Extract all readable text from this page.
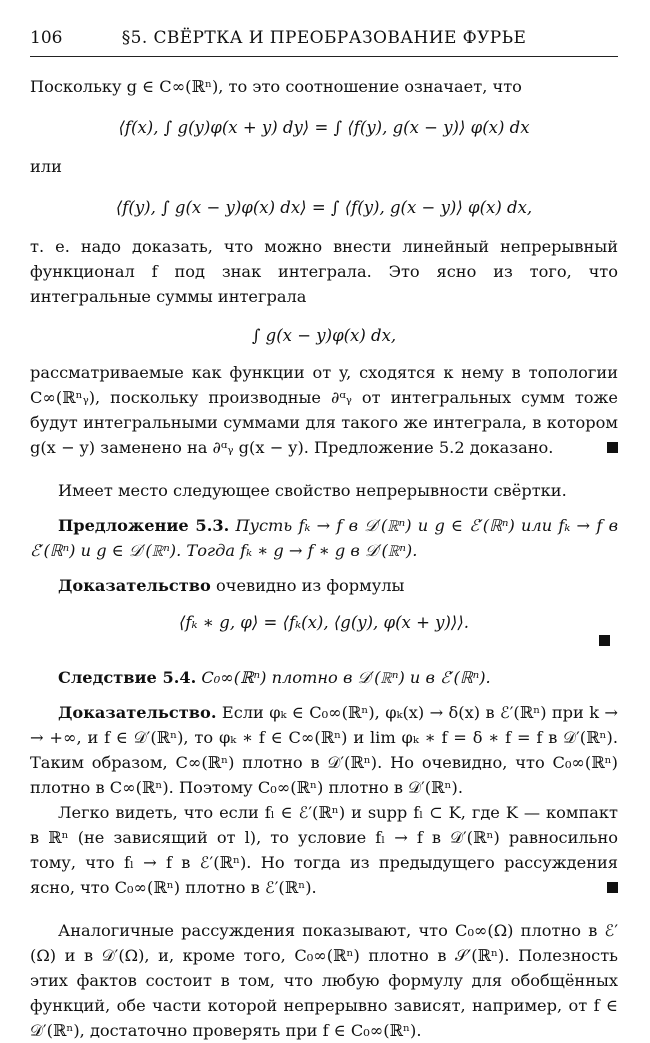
106	§5. СВЁРТКА И ПРЕОБРАЗОВАНИЕ ФУРЬЕ

Поскольку g ∈ C∞(ℝⁿ), то это соотношение означает, что

⟨f(x), ∫ g(y)φ(x + y) dy⟩ = ∫ ⟨f(y), g(x − y)⟩ φ(x) dx

или

⟨f(y), ∫ g(x − y)φ(x) dx⟩ = ∫ ⟨f(y), g(x − y)⟩ φ(x) dx,

т. е. надо доказать, что можно внести линейный непрерывный функционал f под знак интеграла. Это ясно из того, что интегральные суммы интеграла

∫ g(x − y)φ(x) dx,

рассматриваемые как функции от y, сходятся к нему в топологии C∞(ℝⁿᵧ), поскольку производные ∂ᵅᵧ от интегральных сумм тоже будут интегральными суммами для такого же интеграла, в котором g(x − y) заменено на ∂ᵅᵧ g(x − y). Предложение 5.2 доказано.

Имеет место следующее свойство непрерывности свёртки.

Предложение 5.3. Пусть fₖ → f в 𝒟′(ℝⁿ) и g ∈ ℰ′(ℝⁿ) или fₖ → f в ℰ′(ℝⁿ) и g ∈ 𝒟′(ℝⁿ). Тогда fₖ ∗ g → f ∗ g в 𝒟′(ℝⁿ).

Доказательство очевидно из формулы

⟨fₖ ∗ g, φ⟩ = ⟨fₖ(x), ⟨g(y), φ(x + y)⟩⟩.

Следствие 5.4. C₀∞(ℝⁿ) плотно в 𝒟′(ℝⁿ) и в ℰ′(ℝⁿ).

Доказательство. Если φₖ ∈ C₀∞(ℝⁿ), φₖ(x) → δ(x) в ℰ′(ℝⁿ) при k → → +∞, и f ∈ 𝒟′(ℝⁿ), то φₖ ∗ f ∈ C∞(ℝⁿ) и lim φₖ ∗ f = δ ∗ f = f в 𝒟′(ℝⁿ). Таким образом, C∞(ℝⁿ) плотно в 𝒟′(ℝⁿ). Но очевидно, что C₀∞(ℝⁿ) плотно в C∞(ℝⁿ). Поэтому C₀∞(ℝⁿ) плотно в 𝒟′(ℝⁿ).

Легко видеть, что если fₗ ∈ ℰ′(ℝⁿ) и supp fₗ ⊂ K, где K — компакт в ℝⁿ (не зависящий от l), то условие fₗ → f в 𝒟′(ℝⁿ) равносильно тому, что fₗ → f в ℰ′(ℝⁿ). Но тогда из предыдущего рассуждения ясно, что C₀∞(ℝⁿ) плотно в ℰ′(ℝⁿ).

Аналогичные рассуждения показывают, что C₀∞(Ω) плотно в ℰ′(Ω) и в 𝒟′(Ω), и, кроме того, C₀∞(ℝⁿ) плотно в 𝒮′(ℝⁿ). Полезность этих фактов состоит в том, что любую формулу для обобщённых функций, обе части которой непрерывно зависят, например, от f ∈ 𝒟′(ℝⁿ), достаточно проверять при f ∈ C₀∞(ℝⁿ).
